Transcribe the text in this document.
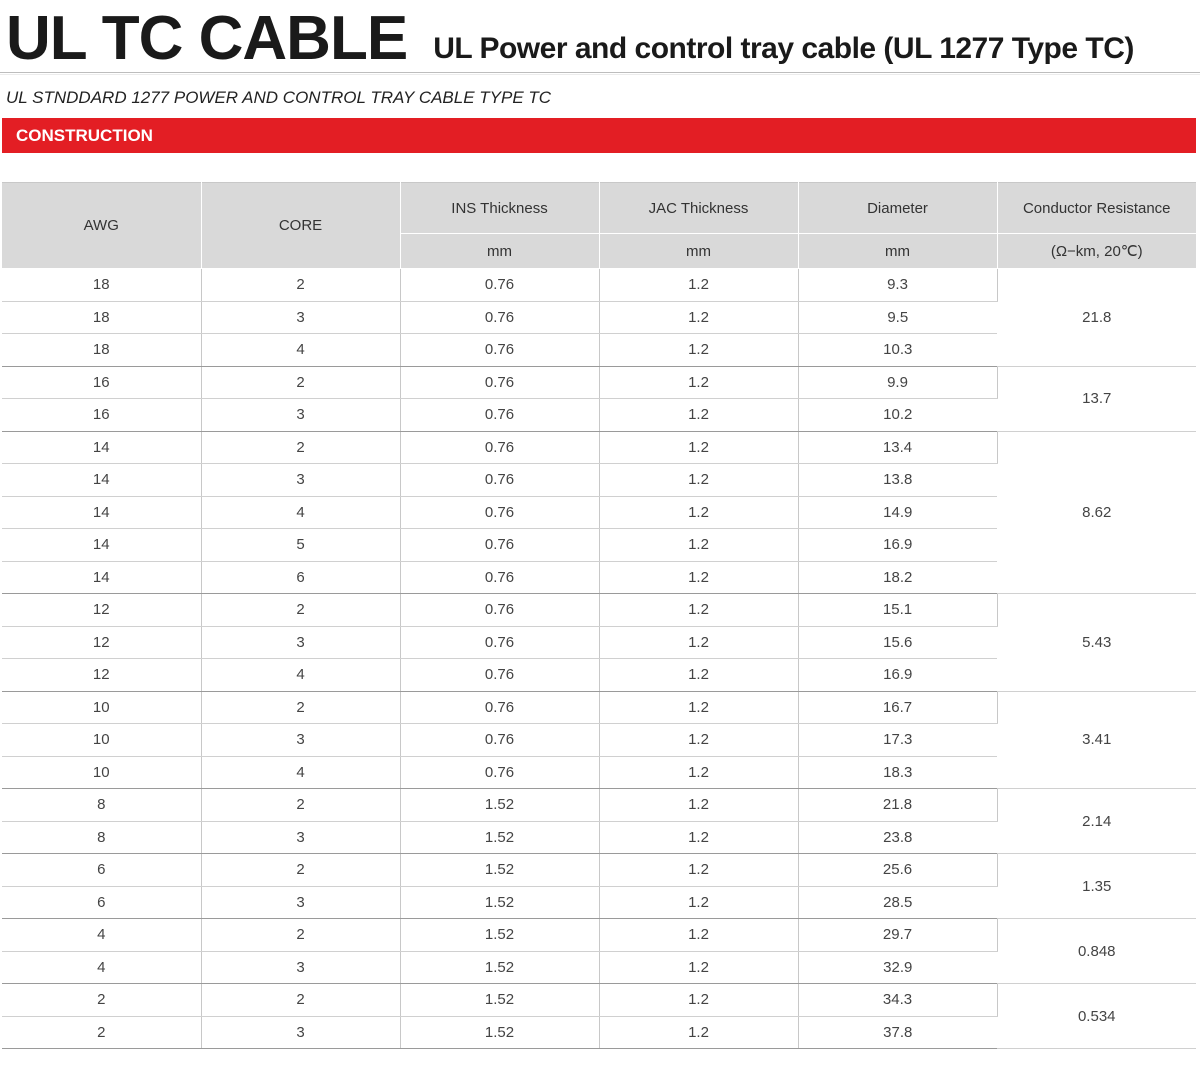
UL TC CABLE UL Power and control tray cable (UL 1277 Type TC)
UL STNDDARD 1277 POWER AND CONTROL TRAY CABLE TYPE TC
CONSTRUCTION
AWG	CORE	INS Thickness	JAC Thickness	Diameter	Conductor Resistance
		mm	mm	mm	(Ω−km, 20℃)
18	2	0.76	1.2	9.3	21.8
18	3	0.76	1.2	9.5	
18	4	0.76	1.2	10.3	
16	2	0.76	1.2	9.9	13.7
16	3	0.76	1.2	10.2	
14	2	0.76	1.2	13.4	8.62
14	3	0.76	1.2	13.8	
14	4	0.76	1.2	14.9	
14	5	0.76	1.2	16.9	
14	6	0.76	1.2	18.2	
12	2	0.76	1.2	15.1	5.43
12	3	0.76	1.2	15.6	
12	4	0.76	1.2	16.9	
10	2	0.76	1.2	16.7	3.41
10	3	0.76	1.2	17.3	
10	4	0.76	1.2	18.3	
8	2	1.52	1.2	21.8	2.14
8	3	1.52	1.2	23.8	
6	2	1.52	1.2	25.6	1.35
6	3	1.52	1.2	28.5	
4	2	1.52	1.2	29.7	0.848
4	3	1.52	1.2	32.9	
2	2	1.52	1.2	34.3	0.534
2	3	1.52	1.2	37.8	
